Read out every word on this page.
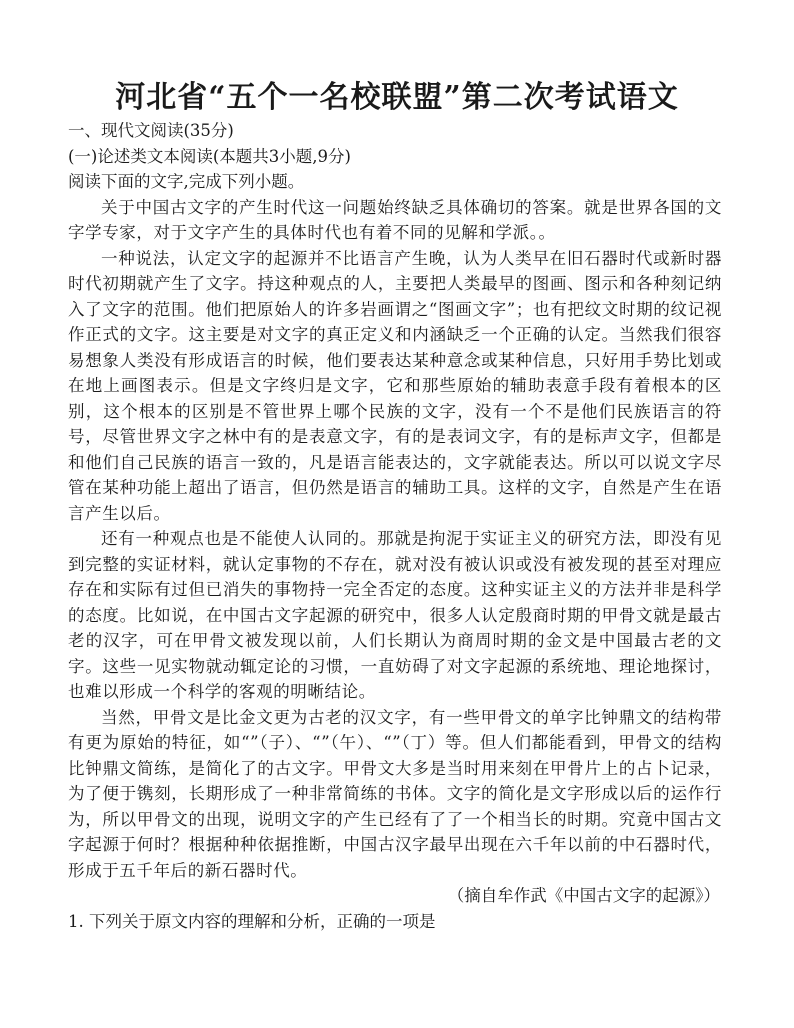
河北省“五个一名校联盟”第二次考试语文

一、现代文阅读(35分)

(一)论述类文本阅读(本题共3小题,9分)

阅读下面的文字,完成下列小题。

关于中国古文字的产生时代这一问题始终缺乏具体确切的答案。就是世界各国的文字学专家，对于文字产生的具体时代也有着不同的见解和学派。。

一种说法，认定文字的起源并不比语言产生晚，认为人类早在旧石器时代或新时器时代初期就产生了文字。持这种观点的人，主要把人类最早的图画、图示和各种刻记纳入了文字的范围。他们把原始人的许多岩画谓之“图画文字”；也有把纹文时期的纹记视作正式的文字。这主要是对文字的真正定义和内涵缺乏一个正确的认定。当然我们很容易想象人类没有形成语言的时候，他们要表达某种意念或某种信息，只好用手势比划或在地上画图表示。但是文字终归是文字，它和那些原始的辅助表意手段有着根本的区别，这个根本的区别是不管世界上哪个民族的文字，没有一个不是他们民族语言的符号，尽管世界文字之林中有的是表意文字，有的是表词文字，有的是标声文字，但都是和他们自己民族的语言一致的，凡是语言能表达的，文字就能表达。所以可以说文字尽管在某种功能上超出了语言，但仍然是语言的辅助工具。这样的文字，自然是产生在语言产生以后。

还有一种观点也是不能使人认同的。那就是拘泥于实证主义的研究方法，即没有见到完整的实证材料，就认定事物的不存在，就对没有被认识或没有被发现的甚至对理应存在和实际有过但已消失的事物持一完全否定的态度。这种实证主义的方法并非是科学的态度。比如说，在中国古文字起源的研究中，很多人认定殷商时期的甲骨文就是最古老的汉字，可在甲骨文被发现以前，人们长期认为商周时期的金文是中国最古老的文字。这些一见实物就动辄定论的习惯，一直妨碍了对文字起源的系统地、理论地探讨，也难以形成一个科学的客观的明晰结论。

当然，甲骨文是比金文更为古老的汉文字，有一些甲骨文的单字比钟鼎文的结构带有更为原始的特征，如“”（子）、“”（午）、“”（丁）等。但人们都能看到，甲骨文的结构比钟鼎文简练，是简化了的古文字。甲骨文大多是当时用来刻在甲骨片上的占卜记录，为了便于镌刻，长期形成了一种非常简练的书体。文字的简化是文字形成以后的运作行为，所以甲骨文的出现，说明文字的产生已经有了了一个相当长的时期。究竟中国古文字起源于何时？根据种种依据推断，中国古汉字最早出现在六千年以前的中石器时代，形成于五千年后的新石器时代。

（摘自牟作武《中国古文字的起源》）

1. 下列关于原文内容的理解和分析，正确的一项是
